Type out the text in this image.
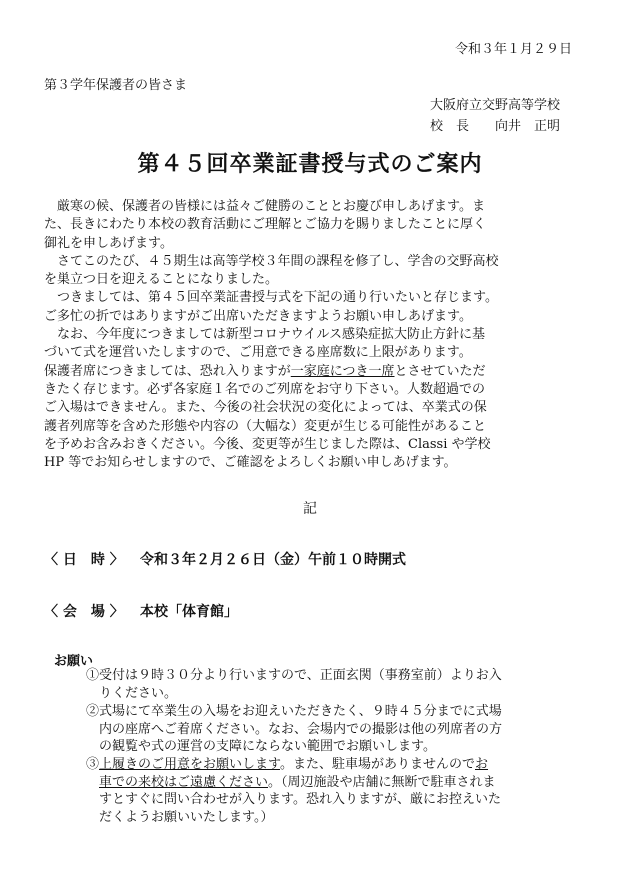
令和３年１月２９日
第３学年保護者の皆さま
大阪府立交野高等学校
校　長　　向井　正明
第４５回卒業証書授与式のご案内

厳寒の候、保護者の皆様には益々ご健勝のこととお慶び申しあげます。ま

た、長きにわたり本校の教育活動にご理解とご協力を賜りましたことに厚く

御礼を申しあげます。

さてこのたび、４５期生は高等学校３年間の課程を修了し、学舎の交野高校

を巣立つ日を迎えることになりました。

つきましては、第４５回卒業証書授与式を下記の通り行いたいと存じます。

ご多忙の折ではありますがご出席いただきますようお願い申しあげます。

なお、今年度につきましては新型コロナウイルス感染症拡大防止方針に基

づいて式を運営いたしますので、ご用意できる座席数に上限があります。

保護者席につきましては、恐れ入りますが一家庭につき一席とさせていただ

きたく存じます。必ず各家庭１名でのご列席をお守り下さい。人数超過での

ご入場はできません。また、今後の社会状況の変化によっては、卒業式の保

護者列席等を含めた形態や内容の（大幅な）変更が生じる可能性があること

を予めお含みおきください。今後、変更等が生じました際は、Classi や学校

HP 等でお知らせしますので、ご確認をよろしくお願い申しあげます。

記
〈 日　時 〉 令和３年２月２６日（金）午前１０時開式
〈 会　場 〉 本校「体育館」
お願い

①受付は９時３０分より行いますので、正面玄関（事務室前）よりお入

りください。

②式場にて卒業生の入場をお迎えいただきたく、９時４５分までに式場

内の座席へご着席ください。なお、会場内での撮影は他の列席者の方

の観覧や式の運営の支障にならない範囲でお願いします。

③上履きのご用意をお願いします。また、駐車場がありませんのでお

車での来校はご遠慮ください。（周辺施設や店舗に無断で駐車されま

すとすぐに問い合わせが入ります。恐れ入りますが、厳にお控えいた

だくようお願いいたします。）
